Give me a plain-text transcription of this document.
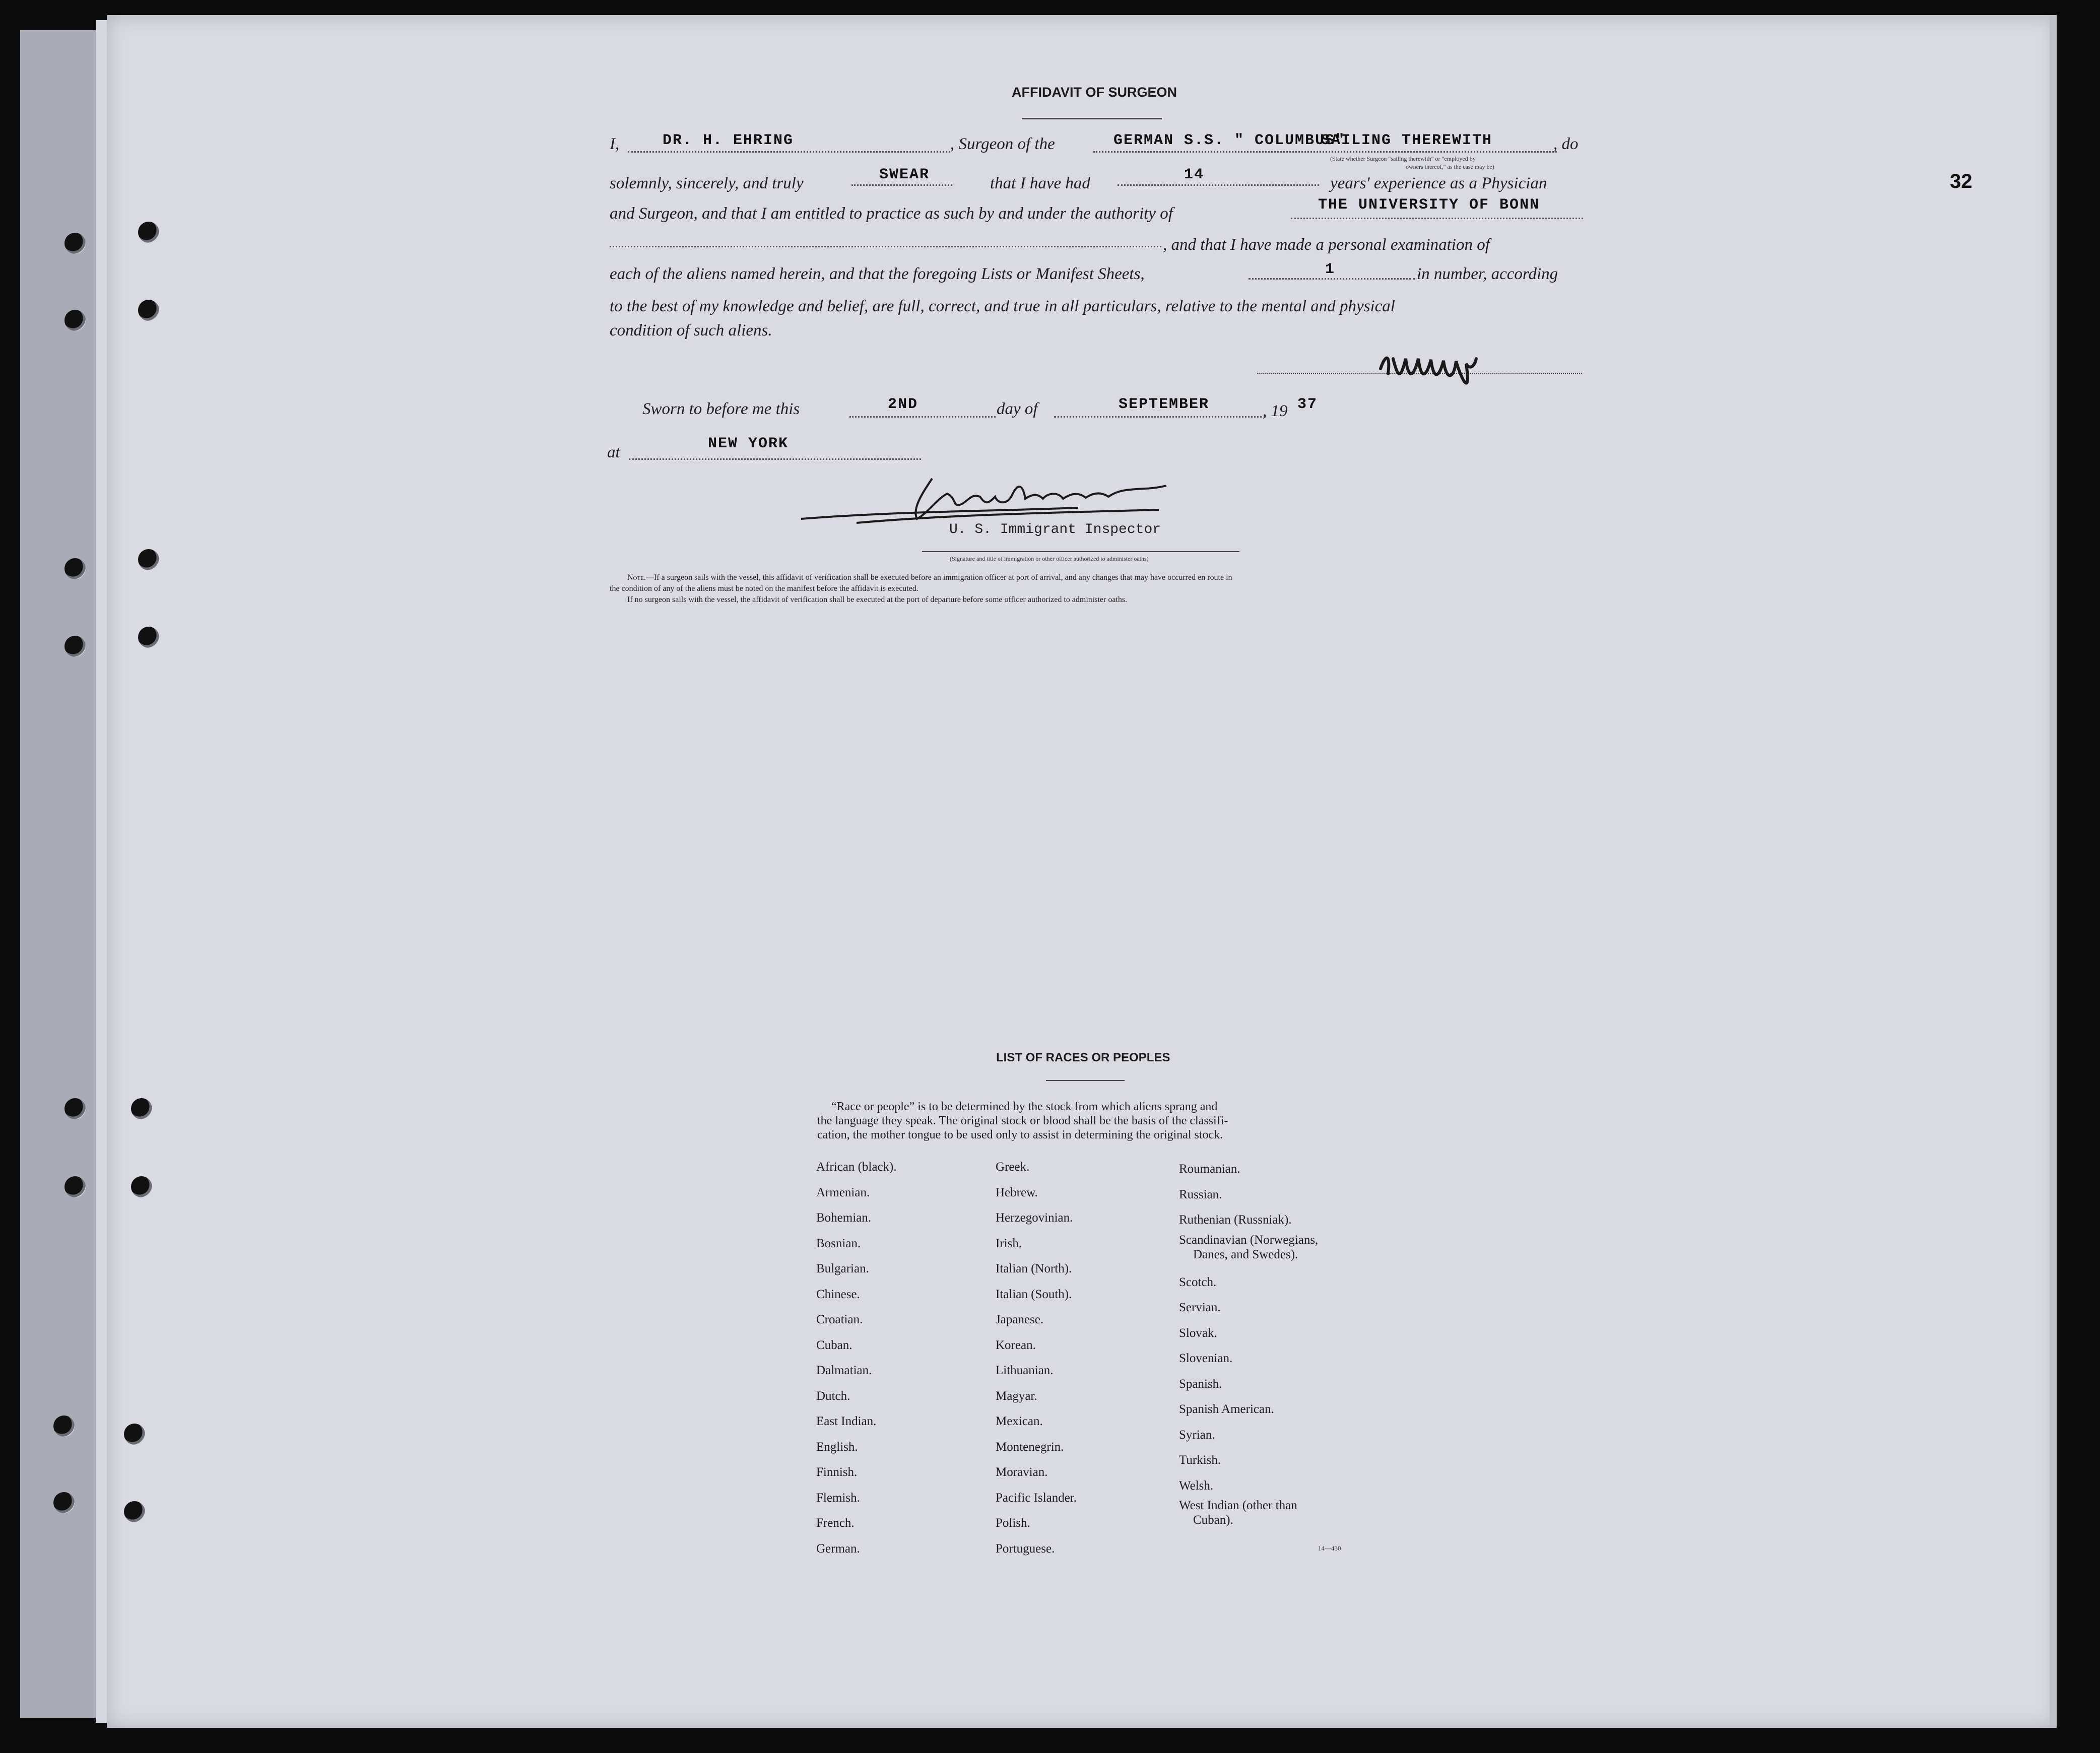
32
AFFIDAVIT OF SURGEON
I,	DR. H. EHRING	, Surgeon of the	GERMAN S.S. " COLUMBUS"
SAILING THEREWITH	, do
(State whether Surgeon "sailing therewith" or "employed by
owners thereof," as the case may be)
solemnly, sincerely, and truly	SWEAR	that I have had	14	years' experience as a Physician
and Surgeon, and that I am entitled to practice as such by and under the authority of	THE UNIVERSITY OF BONN
, and that I have made a personal examination of
each of the aliens named herein, and that the foregoing Lists or Manifest Sheets,	1	in number, according
to the best of my knowledge and belief, are full, correct, and true in all particulars, relative to the mental and physical
condition of such aliens.
Sworn to before me this	2ND	day of	SEPTEMBER	, 19 37
at	NEW YORK
U. S. Immigrant Inspector
(Signature and title of immigration or other officer authorized to administer oaths)
Note.—If a surgeon sails with the vessel, this affidavit of verification shall be executed before an immigration officer at port of arrival, and any changes that may have occurred en route in
the condition of any of the aliens must be noted on the manifest before the affidavit is executed.
If no surgeon sails with the vessel, the affidavit of verification shall be executed at the port of departure before some officer authorized to administer oaths.
LIST OF RACES OR PEOPLES
“Race or people” is to be determined by the stock from which aliens sprang and
the language they speak. The original stock or blood shall be the basis of the classifi-
cation, the mother tongue to be used only to assist in determining the original stock.
African (black).
Armenian.
Bohemian.
Bosnian.
Bulgarian.
Chinese.
Croatian.
Cuban.
Dalmatian.
Dutch.
East Indian.
English.
Finnish.
Flemish.
French.
German.
Greek.
Hebrew.
Herzegovinian.
Irish.
Italian (North).
Italian (South).
Japanese.
Korean.
Lithuanian.
Magyar.
Mexican.
Montenegrin.
Moravian.
Pacific Islander.
Polish.
Portuguese.
Roumanian.
Russian.
Ruthenian (Russniak).
Scandinavian (Norwegians,
Danes, and Swedes).
Scotch.
Servian.
Slovak.
Slovenian.
Spanish.
Spanish American.
Syrian.
Turkish.
Welsh.
West Indian (other than
Cuban).
14—430
